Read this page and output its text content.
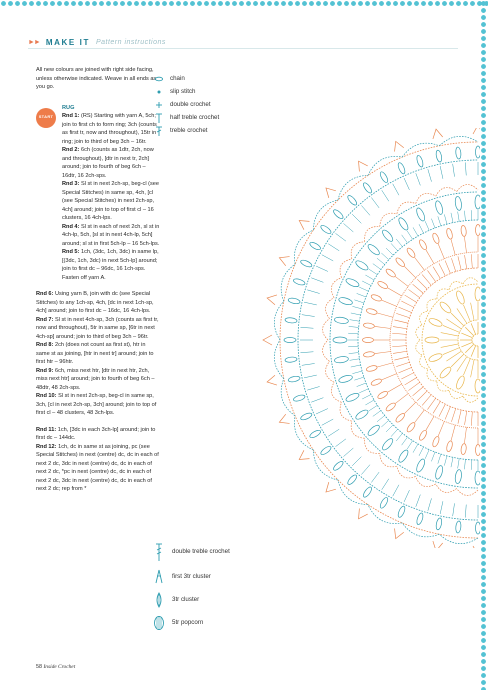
►► MAKE IT Pattern instructions
All new colours are joined with right side facing, unless otherwise indicated. Weave in all ends as you go.
START
RUG
Rnd 1: (RS) Starting with yarn A, 5ch; join to first ch to form ring; 3ch (counts as first tr, now and throughout), 15tr in ring; join to third of beg 3ch – 16tr.
Rnd 2: 6ch (counts as 1dtr, 2ch, now and throughout), [dtr in next tr, 2ch] around; join to fourth of beg 6ch – 16dtr, 16 2ch-sps.
Rnd 3: Sl st in next 2ch-sp, beg-cl (see Special Stitches) in same sp, 4ch, [cl (see Special Stitches) in next 2ch-sp, 4ch] around; join to top of first cl – 16 clusters, 16 4ch-lps.
Rnd 4: Sl st in each of next 2ch, sl st in 4ch-lp, 5ch, [sl st in next 4ch-lp, 5ch] around; sl st in first 5ch-lp – 16 5ch-lps.
Rnd 5: 1ch, (3dc, 1ch, 3dc) in same lp, [(3dc, 1ch, 3dc) in next 5ch-lp] around; join to first dc – 96dc, 16 1ch-sps. Fasten off yarn A.
Rnd 6: Using yarn B, join with dc (see Special Stitches) to any 1ch-sp, 4ch, [dc in next 1ch-sp, 4ch] around; join to first dc – 16dc, 16 4ch-lps.
Rnd 7: Sl st in next 4ch-sp, 3ch (counts as first tr, now and throughout), 5tr in same sp, [6tr in next 4ch-sp] around; join to third of beg 3ch – 96tr.
Rnd 8: 2ch (does not count as first st), htr in same st as joining, [htr in next tr] around; join to first htr – 96htr.
Rnd 9: 6ch, miss next htr, [dtr in next htr, 2ch, miss next htr] around; join to fourth of beg 6ch – 48dtr, 48 2ch-sps.
Rnd 10: Sl st in next 2ch-sp, beg-cl in same sp, 3ch, [cl in next 2ch-sp, 3ch] around; join to top of first cl – 48 clusters, 48 3ch-lps.
Rnd 11: 1ch, [3dc in each 3ch-lp] around; join to first dc – 144dc.
Rnd 12: 1ch, dc in same st as joining, pc (see Special Stitches) in next (centre) dc, dc in each of next 2 dc, 3dc in next (centre) dc, dc in each of next 2 dc, *pc in next (centre) dc, dc in each of next 2 dc, 3dc in next (centre) dc, dc in each of next 2 dc; rep from *
chain
slip stitch
double crochet
half treble crochet
treble crochet
double treble crochet
first 3tr cluster
3tr cluster
5tr popcorn
58 Inside Crochet
